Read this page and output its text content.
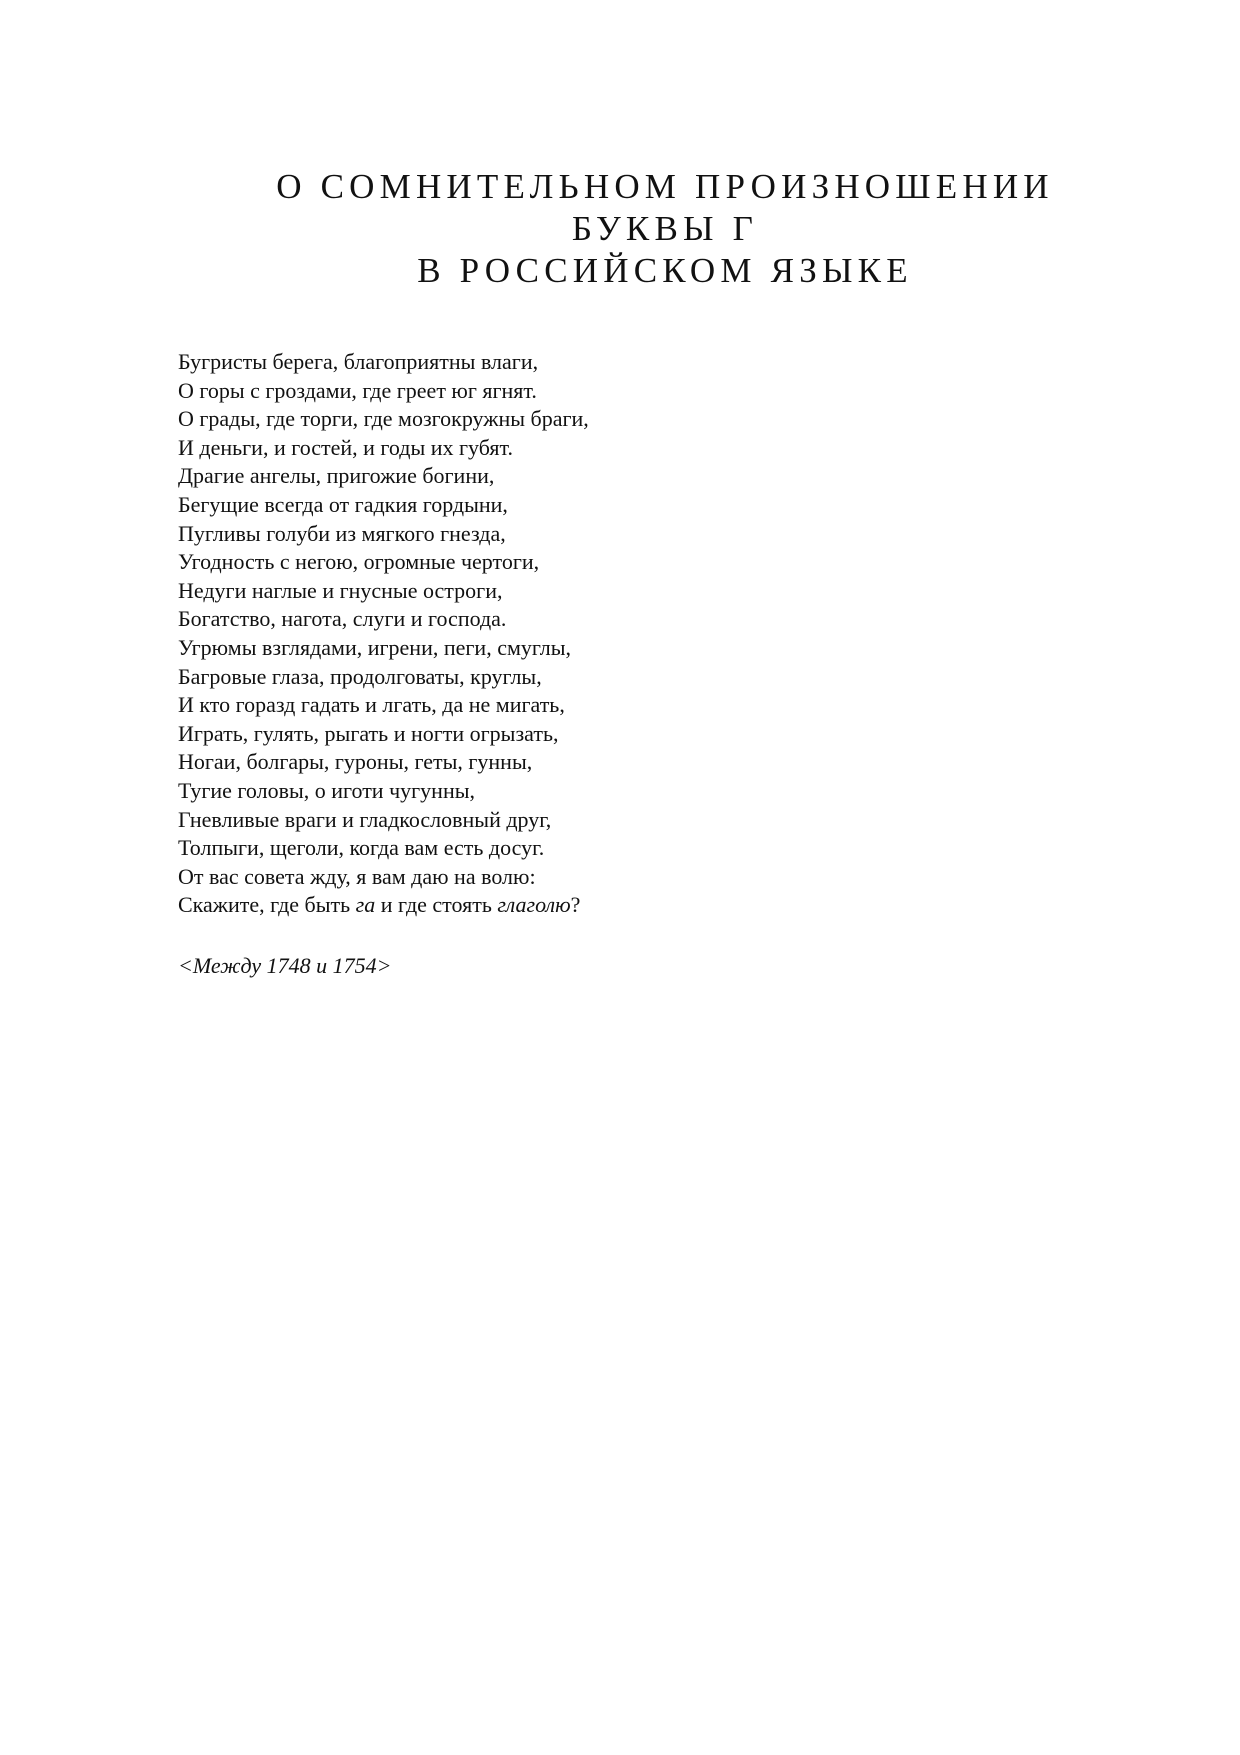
О СОМНИТЕЛЬНОМ ПРОИЗНОШЕНИИ
БУКВЫ Г
В РОССИЙСКОМ ЯЗЫКЕ
Бугристы берега, благоприятны влаги,
О горы с гроздами, где греет юг ягнят.
О грады, где торги, где мозгокружны браги,
И деньги, и гостей, и годы их губят.
Драгие ангелы, пригожие богини,
Бегущие всегда от гадкия гордыни,
Пугливы голуби из мягкого гнезда,
Угодность с негою, огромные чертоги,
Недуги наглые и гнусные остроги,
Богатство, нагота, слуги и господа.
Угрюмы взглядами, игрени, пеги, смуглы,
Багровые глаза, продолговаты, круглы,
И кто горазд гадать и лгать, да не мигать,
Играть, гулять, рыгать и ногти огрызать,
Ногаи, болгары, гуроны, геты, гунны,
Тугие головы, о иготи чугунны,
Гневливые враги и гладкословный друг,
Толпыги, щеголи, когда вам есть досуг.
От вас совета жду, я вам даю на волю:
Скажите, где быть га и где стоять глаголю?
<Между 1748 и 1754>
